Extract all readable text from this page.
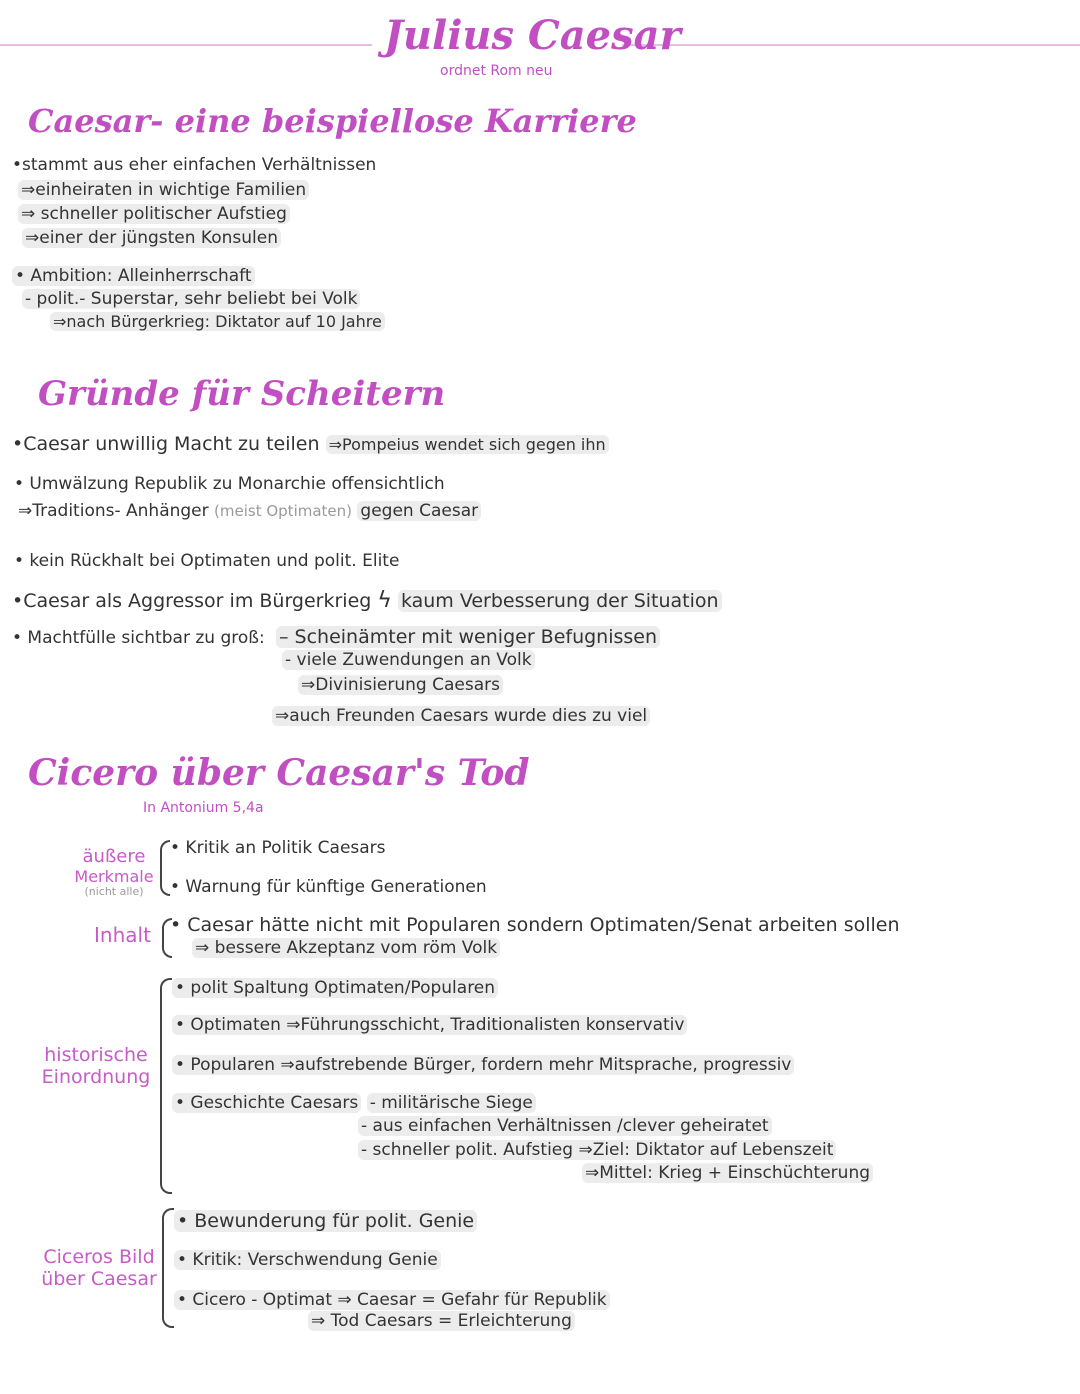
Julius Caesar
ordnet Rom neu
Caesar- eine beispiellose Karriere
•stammt aus eher einfachen Verhältnissen
⇒einheiraten in wichtige Familien
⇒ schneller politischer Aufstieg
⇒einer der jüngsten Konsulen
• Ambition: Alleinherrschaft
- polit.- Superstar, sehr beliebt bei Volk
⇒nach Bürgerkrieg: Diktator auf 10 Jahre
Gründe für Scheitern
•Caesar unwillig Macht zu teilen ⇒Pompeius wendet sich gegen ihn
• Umwälzung Republik zu Monarchie offensichtlich
⇒Traditions- Anhänger (meist Optimaten) gegen Caesar
• kein Rückhalt bei Optimaten und polit. Elite
•Caesar als Aggressor im Bürgerkrieg ϟ kaum Verbesserung der Situation
• Machtfülle sichtbar zu groß: – Scheinämter mit weniger Befugnissen
- viele Zuwendungen an Volk
⇒Divinisierung Caesars
⇒auch Freunden Caesars wurde dies zu viel
Cicero über Caesar's Tod
In Antonium 5,4a
äußere
Merkmale
(nicht alle)
• Kritik an Politik Caesars
• Warnung für künftige Generationen
Inhalt • Caesar hätte nicht mit Popularen sondern Optimaten/Senat arbeiten sollen
⇒ bessere Akzeptanz vom röm Volk
historische
Einordnung
• polit Spaltung Optimaten/Popularen
• Optimaten ⇒Führungsschicht, Traditionalisten konservativ
• Popularen ⇒aufstrebende Bürger, fordern mehr Mitsprache, progressiv
• Geschichte Caesars - militärische Siege
- aus einfachen Verhältnissen /clever geheiratet
- schneller polit. Aufstieg ⇒Ziel: Diktator auf Lebenszeit
⇒Mittel: Krieg + Einschüchterung
Ciceros Bild
über Caesar
• Bewunderung für polit. Genie
• Kritik: Verschwendung Genie
• Cicero - Optimat ⇒ Caesar = Gefahr für Republik
⇒ Tod Caesars = Erleichterung
